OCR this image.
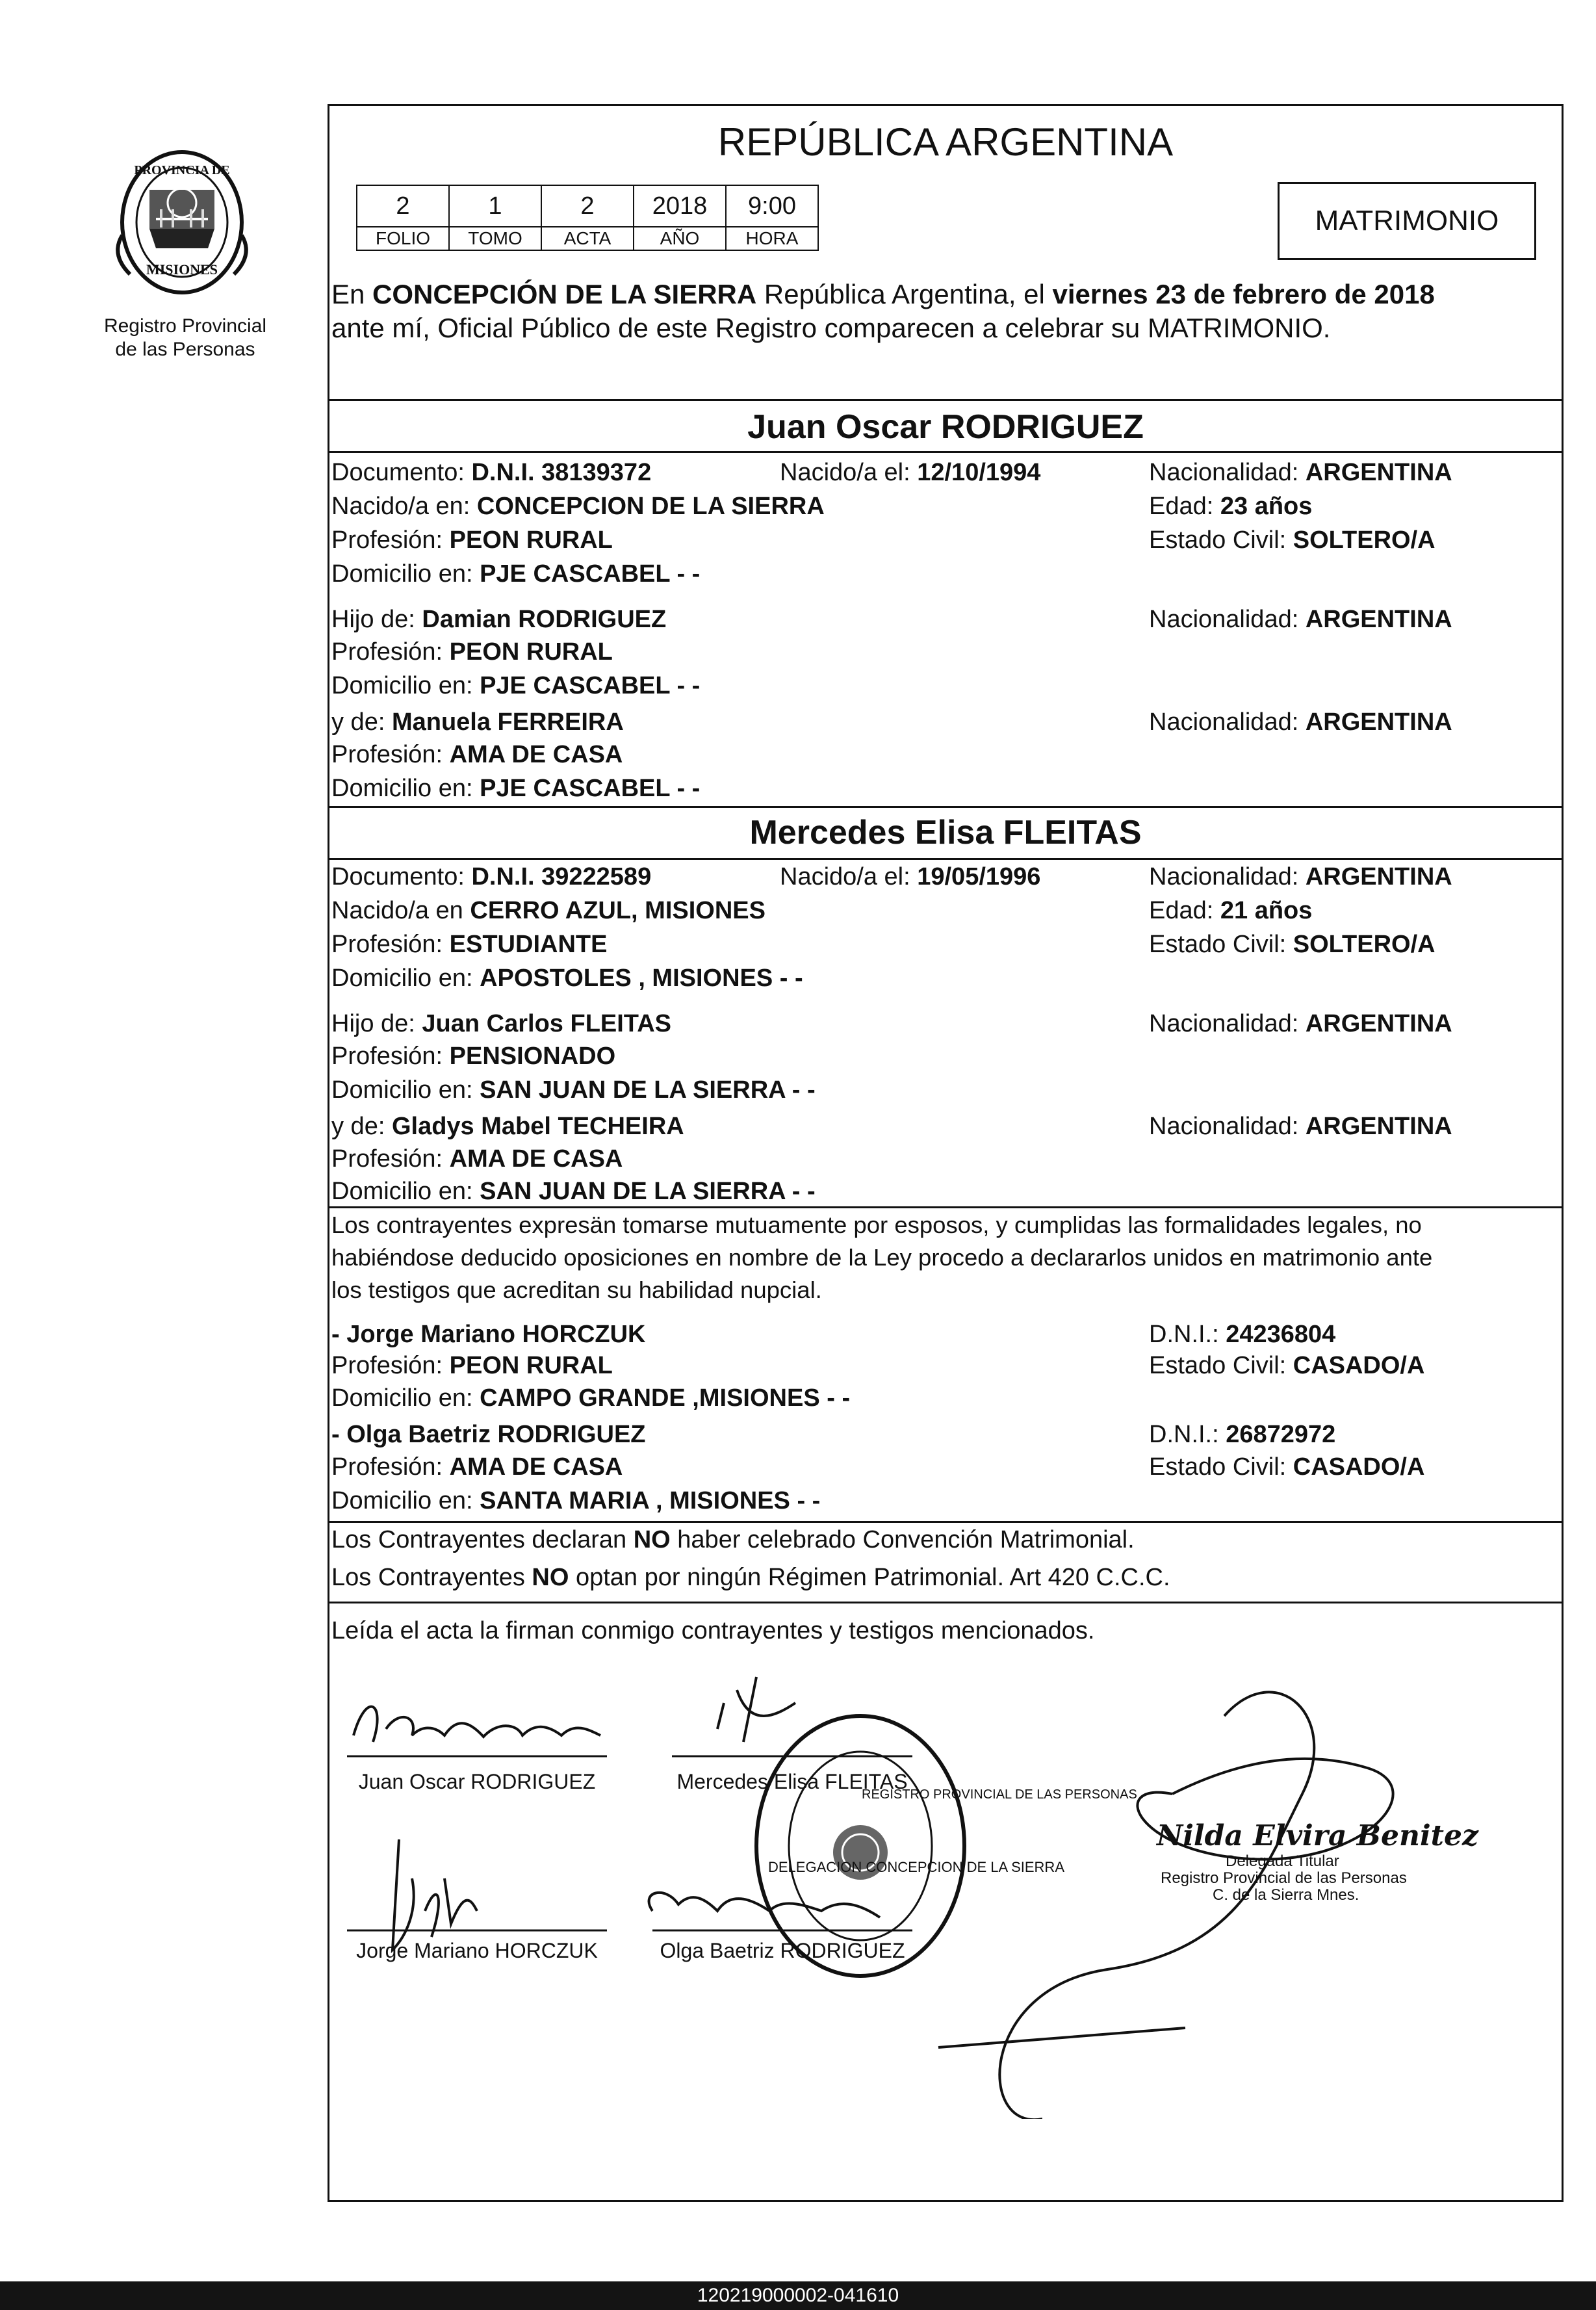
PROVINCIA DE
MISIONES
Registro Provincial
de las Personas
REPÚBLICA ARGENTINA
2	1	2	2018	9:00
FOLIO	TOMO	ACTA	AÑO	HORA
MATRIMONIO
En CONCEPCIÓN DE LA SIERRA República Argentina, el viernes 23 de febrero de 2018
ante mí, Oficial Público de este Registro comparecen a celebrar su MATRIMONIO.
Juan Oscar RODRIGUEZ
Documento: D.N.I. 38139372	Nacido/a el: 12/10/1994	Nacionalidad: ARGENTINA
Nacido/a en: CONCEPCION DE LA SIERRA	Edad: 23 años
Profesión: PEON RURAL	Estado Civil: SOLTERO/A
Domicilio en: PJE CASCABEL - -
Hijo de: Damian RODRIGUEZ	Nacionalidad: ARGENTINA
Profesión: PEON RURAL
Domicilio en: PJE CASCABEL - -
y de: Manuela FERREIRA	Nacionalidad: ARGENTINA
Profesión: AMA DE CASA
Domicilio en: PJE CASCABEL - -
Mercedes Elisa FLEITAS
Documento: D.N.I. 39222589	Nacido/a el: 19/05/1996	Nacionalidad: ARGENTINA
Nacido/a en CERRO AZUL, MISIONES	Edad: 21 años
Profesión: ESTUDIANTE	Estado Civil: SOLTERO/A
Domicilio en: APOSTOLES , MISIONES - -
Hijo de: Juan Carlos FLEITAS	Nacionalidad: ARGENTINA
Profesión: PENSIONADO
Domicilio en: SAN JUAN DE LA SIERRA - -
y de: Gladys Mabel TECHEIRA	Nacionalidad: ARGENTINA
Profesión: AMA DE CASA
Domicilio en: SAN JUAN DE LA SIERRA - -
Los contrayentes expresän tomarse mutuamente por esposos, y cumplidas las formalidades legales, no
habiéndose deducido oposiciones en nombre de la Ley procedo a declararlos unidos en matrimonio ante
los testigos que acreditan su habilidad nupcial.
- Jorge Mariano HORCZUK	D.N.I.: 24236804
Profesión: PEON RURAL	Estado Civil: CASADO/A
Domicilio en: CAMPO GRANDE ,MISIONES - -
- Olga Baetriz RODRIGUEZ	D.N.I.: 26872972
Profesión: AMA DE CASA	Estado Civil: CASADO/A
Domicilio en: SANTA MARIA , MISIONES - -
Los Contrayentes declaran NO haber celebrado Convención Matrimonial.
Los Contrayentes NO optan por ningún Régimen Patrimonial. Art 420 C.C.C.
Leída el acta la firman conmigo contrayentes y testigos mencionados.
Juan Oscar RODRIGUEZ	Mercedes Elisa FLEITAS
Jorge Mariano HORCZUK	Olga Baetriz RODRIGUEZ
REGISTRO PROVINCIAL DE LAS PERSONAS
DELEGACION CONCEPCION DE LA SIERRA
Nilda Elvira Benitez
Delegada Titular
Registro Provincial de las Personas
C. de la Sierra Mnes.
120219000002-041610
